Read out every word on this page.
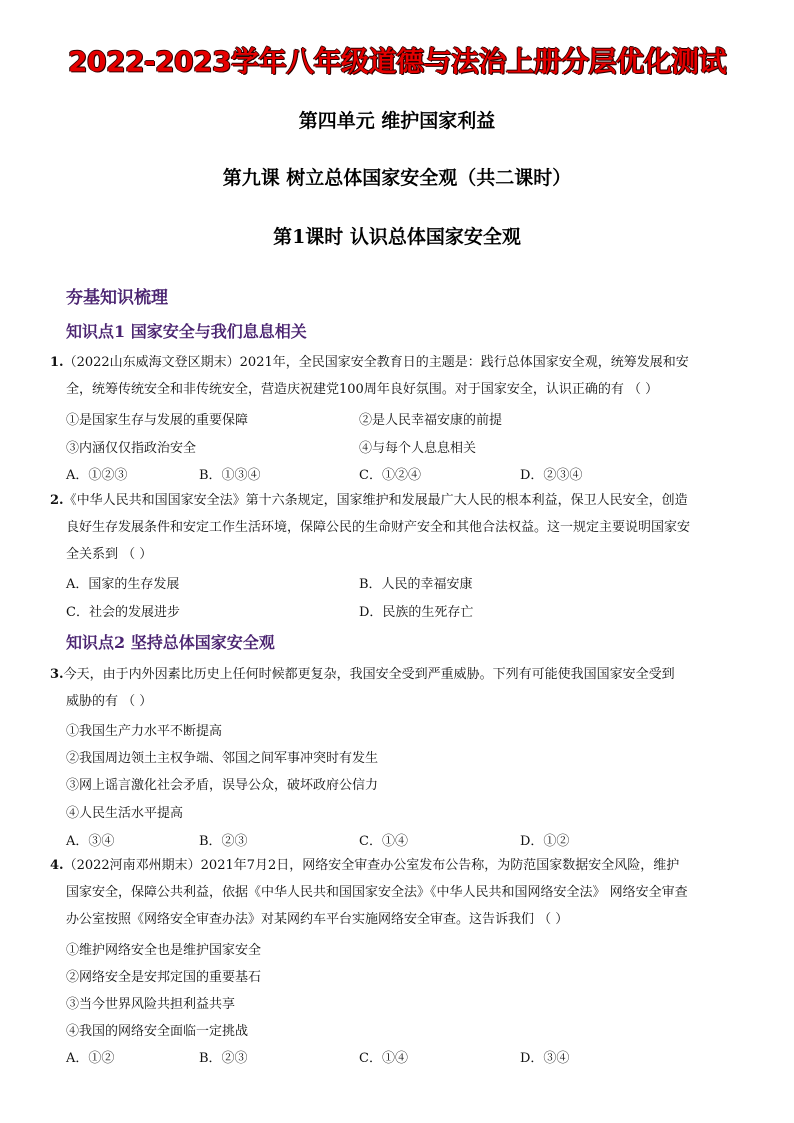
2022-2023学年八年级道德与法治上册分层优化测试
第四单元 维护国家利益
第九课 树立总体国家安全观（共二课时）
第1课时 认识总体国家安全观
夯基知识梳理
知识点1 国家安全与我们息息相关
1.（2022山东威海文登区期末）2021年，全民国家安全教育日的主题是：践行总体国家安全观，统筹发展和安
全，统筹传统安全和非传统安全，营造庆祝建党100周年良好氛围。对于国家安全，认识正确的有 （ ）
①是国家生存与发展的重要保障	②是人民幸福安康的前提
③内涵仅仅指政治安全	④与每个人息息相关
A．①②③	B．①③④	C．①②④	D．②③④
2.《中华人民共和国国家安全法》第十六条规定，国家维护和发展最广大人民的根本利益，保卫人民安全，创造
良好生存发展条件和安定工作生活环境，保障公民的生命财产安全和其他合法权益。这一规定主要说明国家安
全关系到 （ ）
A．国家的生存发展	B．人民的幸福安康
C．社会的发展进步	D．民族的生死存亡
知识点2 坚持总体国家安全观
3.今天，由于内外因素比历史上任何时候都更复杂，我国安全受到严重威胁。下列有可能使我国国家安全受到
威胁的有 （ ）
①我国生产力水平不断提高
②我国周边领土主权争端、邻国之间军事冲突时有发生
③网上谣言激化社会矛盾，误导公众，破坏政府公信力
④人民生活水平提高
A．③④	B．②③	C．①④	D．①②
4.（2022河南邓州期末）2021年7月2日，网络安全审查办公室发布公告称，为防范国家数据安全风险，维护
国家安全，保障公共利益，依据《中华人民共和国国家安全法》《中华人民共和国网络安全法》 网络安全审查
办公室按照《网络安全审查办法》对某网约车平台实施网络安全审查。这告诉我们 （ ）
①维护网络安全也是维护国家安全
②网络安全是安邦定国的重要基石
③当今世界风险共担利益共享
④我国的网络安全面临一定挑战
A．①②	B．②③	C．①④	D．③④
